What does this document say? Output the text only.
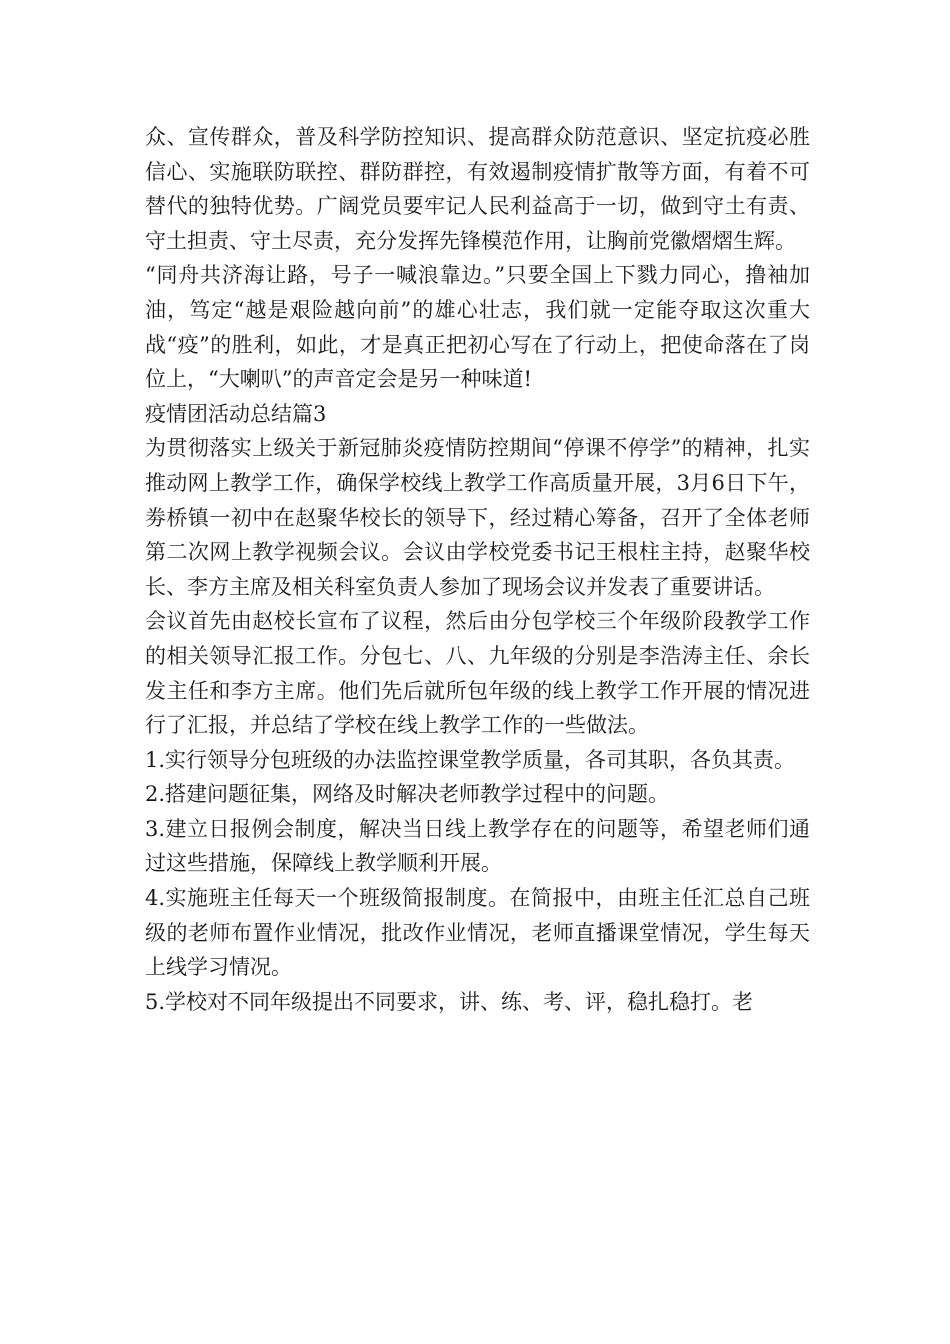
众、宣传群众，普及科学防控知识、提高群众防范意识、坚定抗疫必胜信心、实施联防联控、群防群控，有效遏制疫情扩散等方面，有着不可替代的独特优势。广阔党员要牢记人民利益高于一切，做到守土有责、守土担责、守土尽责，充分发挥先锋模范作用，让胸前党徽熠熠生辉。

“同舟共济海让路，号子一喊浪靠边。”只要全国上下戮力同心，撸袖加油，笃定“越是艰险越向前”的雄心壮志，我们就一定能夺取这次重大战“疫”的胜利，如此，才是真正把初心写在了行动上，把使命落在了岗位上，“大喇叭”的声音定会是另一种味道!

疫情团活动总结篇3

为贯彻落实上级关于新冠肺炎疫情防控期间“停课不停学”的精神，扎实推动网上教学工作，确保学校线上教学工作高质量开展，3月6日下午，劵桥镇一初中在赵聚华校长的领导下，经过精心筹备，召开了全体老师第二次网上教学视频会议。会议由学校党委书记王根柱主持，赵聚华校长、李方主席及相关科室负责人参加了现场会议并发表了重要讲话。

会议首先由赵校长宣布了议程，然后由分包学校三个年级阶段教学工作的相关领导汇报工作。分包七、八、九年级的分别是李浩涛主任、余长发主任和李方主席。他们先后就所包年级的线上教学工作开展的情况进行了汇报，并总结了学校在线上教学工作的一些做法。

1.实行领导分包班级的办法监控课堂教学质量，各司其职，各负其责。

2.搭建问题征集，网络及时解决老师教学过程中的问题。

3.建立日报例会制度，解决当日线上教学存在的问题等，希望老师们通过这些措施，保障线上教学顺利开展。

4.实施班主任每天一个班级简报制度。在简报中，由班主任汇总自己班级的老师布置作业情况，批改作业情况，老师直播课堂情况，学生每天上线学习情况。

5.学校对不同年级提出不同要求，讲、练、考、评，稳扎稳打。老
